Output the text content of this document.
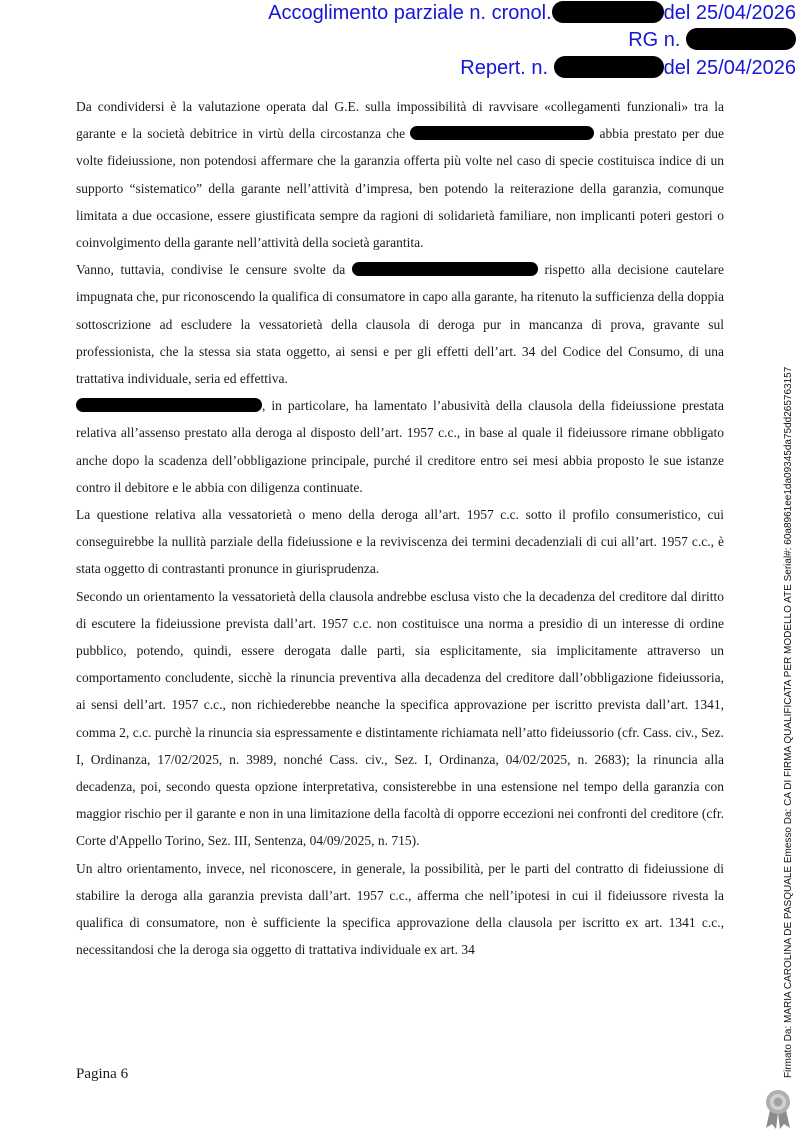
Accoglimento parziale n. cronol.	del 25/04/2026
RG n.
Repert. n.	del 25/04/2026

Da condividersi è la valutazione operata dal G.E. sulla impossibilità di ravvisare «collegamenti funzionali» tra la garante e la società debitrice in virtù della circostanza che	abbia prestato per due volte fideiussione, non potendosi affermare che la garanzia offerta più volte nel caso di specie costituisca indice di un supporto “sistematico” della garante nell’attività d’impresa, ben potendo la reiterazione della garanzia, comunque limitata a due occasione, essere giustificata sempre da ragioni di solidarietà familiare, non implicanti poteri gestori o coinvolgimento della garante nell’attività della società garantita.

Vanno, tuttavia, condivise le censure svolte da	rispetto alla decisione cautelare impugnata che, pur riconoscendo la qualifica di consumatore in capo alla garante, ha ritenuto la sufficienza della doppia sottoscrizione ad escludere la vessatorietà della clausola di deroga pur in mancanza di prova, gravante sul professionista, che la stessa sia stata oggetto, ai sensi e per gli effetti dell’art. 34 del Codice del Consumo, di una trattativa individuale, seria ed effettiva.

, in particolare, ha lamentato l’abusività della clausola della fideiussione prestata relativa all’assenso prestato alla deroga al disposto dell’art. 1957 c.c., in base al quale il fideiussore rimane obbligato anche dopo la scadenza dell’obbligazione principale, purché il creditore entro sei mesi abbia proposto le sue istanze contro il debitore e le abbia con diligenza continuate.

La questione relativa alla vessatorietà o meno della deroga all’art. 1957 c.c. sotto il profilo consumeristico, cui conseguirebbe la nullità parziale della fideiussione e la reviviscenza dei termini decadenziali di cui all’art. 1957 c.c., è stata oggetto di contrastanti pronunce in giurisprudenza.

Secondo un orientamento la vessatorietà della clausola andrebbe esclusa visto che la decadenza del creditore dal diritto di escutere la fideiussione prevista dall’art. 1957 c.c. non costituisce una norma a presidio di un interesse di ordine pubblico, potendo, quindi, essere derogata dalle parti, sia esplicitamente, sia implicitamente attraverso un comportamento concludente, sicchè la rinuncia preventiva alla decadenza del creditore dall’obbligazione fideiussoria, ai sensi dell’art. 1957 c.c., non richiederebbe neanche la specifica approvazione per iscritto prevista dall’art. 1341, comma 2, c.c. purchè la rinuncia sia espressamente e distintamente richiamata nell’atto fideiussorio (cfr. Cass. civ., Sez. I, Ordinanza, 17/02/2025, n. 3989, nonché Cass. civ., Sez. I, Ordinanza, 04/02/2025, n. 2683); la rinuncia alla decadenza, poi, secondo questa opzione interpretativa, consisterebbe in una estensione nel tempo della garanzia con maggior rischio per il garante e non in una limitazione della facoltà di opporre eccezioni nei confronti del creditore (cfr. Corte d'Appello Torino, Sez. III, Sentenza, 04/09/2025, n. 715).

Un altro orientamento, invece, nel riconoscere, in generale, la possibilità, per le parti del contratto di fideiussione di stabilire la deroga alla garanzia prevista dall’art. 1957 c.c., afferma che nell’ipotesi in cui il fideiussore rivesta la qualifica di consumatore, non è sufficiente la specifica approvazione della clausola per iscritto ex art. 1341 c.c., necessitandosi che la deroga sia oggetto di trattativa individuale ex art. 34

Pagina 6	Firmato Da: MARIA CAROLINA DE PASQUALE Emesso Da: CA DI FIRMA QUALIFICATA PER MODELLO ATE Serial#: 60a8961ee1da09345da75dd265763157
